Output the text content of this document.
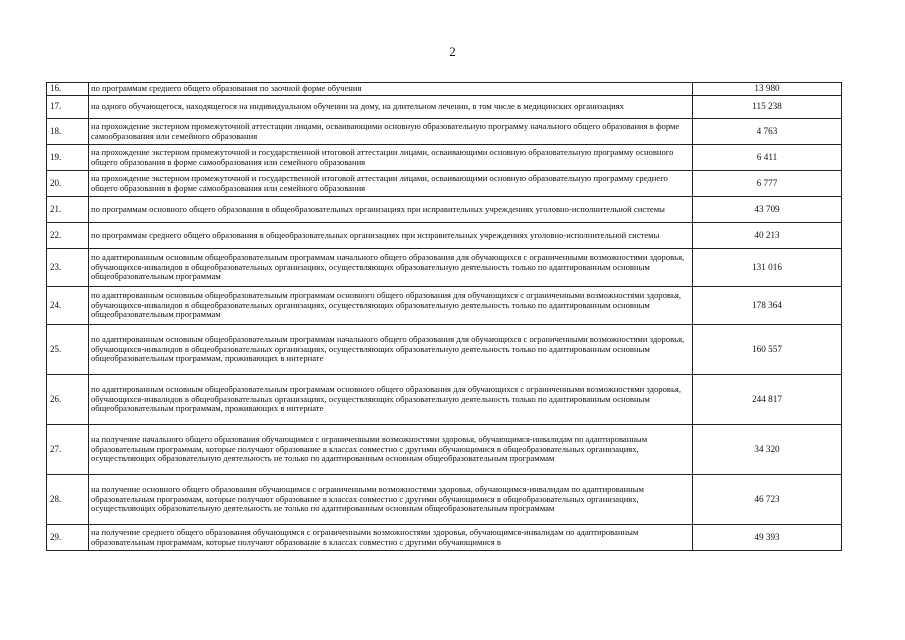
2
16.	по программам среднего общего образования по заочной форме обучения	13 980
17.	на одного обучающегося, находящегося на индивидуальном обучении на дому, на длительном лечении, в том числе в медицинских организациях	115 238
18.	на прохождение экстерном промежуточной аттестации лицами, осваивающими основную образовательную программу начального общего образования в форме самообразования или семейного образования	4 763
19.	на прохождение экстерном промежуточной и государственной итоговой аттестации лицами, осваивающими основную образовательную программу основного общего образования в форме самообразования или семейного образования	6 411
20.	на прохождение экстерном промежуточной и государственной итоговой аттестации лицами, осваивающими основную образовательную программу среднего общего образования в форме самообразования или семейного образования	6 777
21.	по программам основного общего образования в общеобразовательных организациях при исправительных учреждениях уголовно-исполнительной системы	43 709
22.	по программам среднего общего образования в общеобразовательных организациях при исправительных учреждениях уголовно-исполнительной системы	40 213
23.	по адаптированным основным общеобразовательным программам начального общего образования для обучающихся с ограниченными возможностями здоровья, обучающихся-инвалидов в общеобразовательных организациях, осуществляющих образовательную деятельность только по адаптированным основным общеобразовательным программам	131 016
24.	по адаптированным основным общеобразовательным программам основного общего образования для обучающихся с ограниченными возможностями здоровья, обучающихся-инвалидов в общеобразовательных организациях, осуществляющих образовательную деятельность только по адаптированным основным общеобразовательным программам	178 364
25.	по адаптированным основным общеобразовательным программам начального общего образования для обучающихся с ограниченными возможностями здоровья, обучающихся-инвалидов в общеобразовательных организациях, осуществляющих образовательную деятельность только по адаптированным основным общеобразовательным программам, проживающих в интернате	160 557
26.	по адаптированным основным общеобразовательным программам основного общего образования для обучающихся с ограниченными возможностями здоровья, обучающихся-инвалидов в общеобразовательных организациях, осуществляющих образовательную деятельность только по адаптированным основным общеобразовательным программам, проживающих в интернате	244 817
27.	на получение начального общего образования обучающимся с ограниченными возможностями здоровья, обучающимся-инвалидам по адаптированным образовательным программам, которые получают образование в классах совместно с другими обучающимися в общеобразовательных организациях, осуществляющих образовательную деятельность не только по адаптированным основным общеобразовательным программам	34 320
28.	на получение основного общего образования обучающимся с ограниченными возможностями здоровья, обучающимся-инвалидам по адаптированным образовательным программам, которые получают образование в классах совместно с другими обучающимися в общеобразовательных организациях, осуществляющих образовательную деятельность не только по адаптированным основным общеобразовательным программам	46 723
29.	на получение среднего общего образования обучающимся с ограниченными возможностями здоровья, обучающимся-инвалидам по адаптированным образовательным программам, которые получают образование в классах совместно с другими обучающимися в	49 393
